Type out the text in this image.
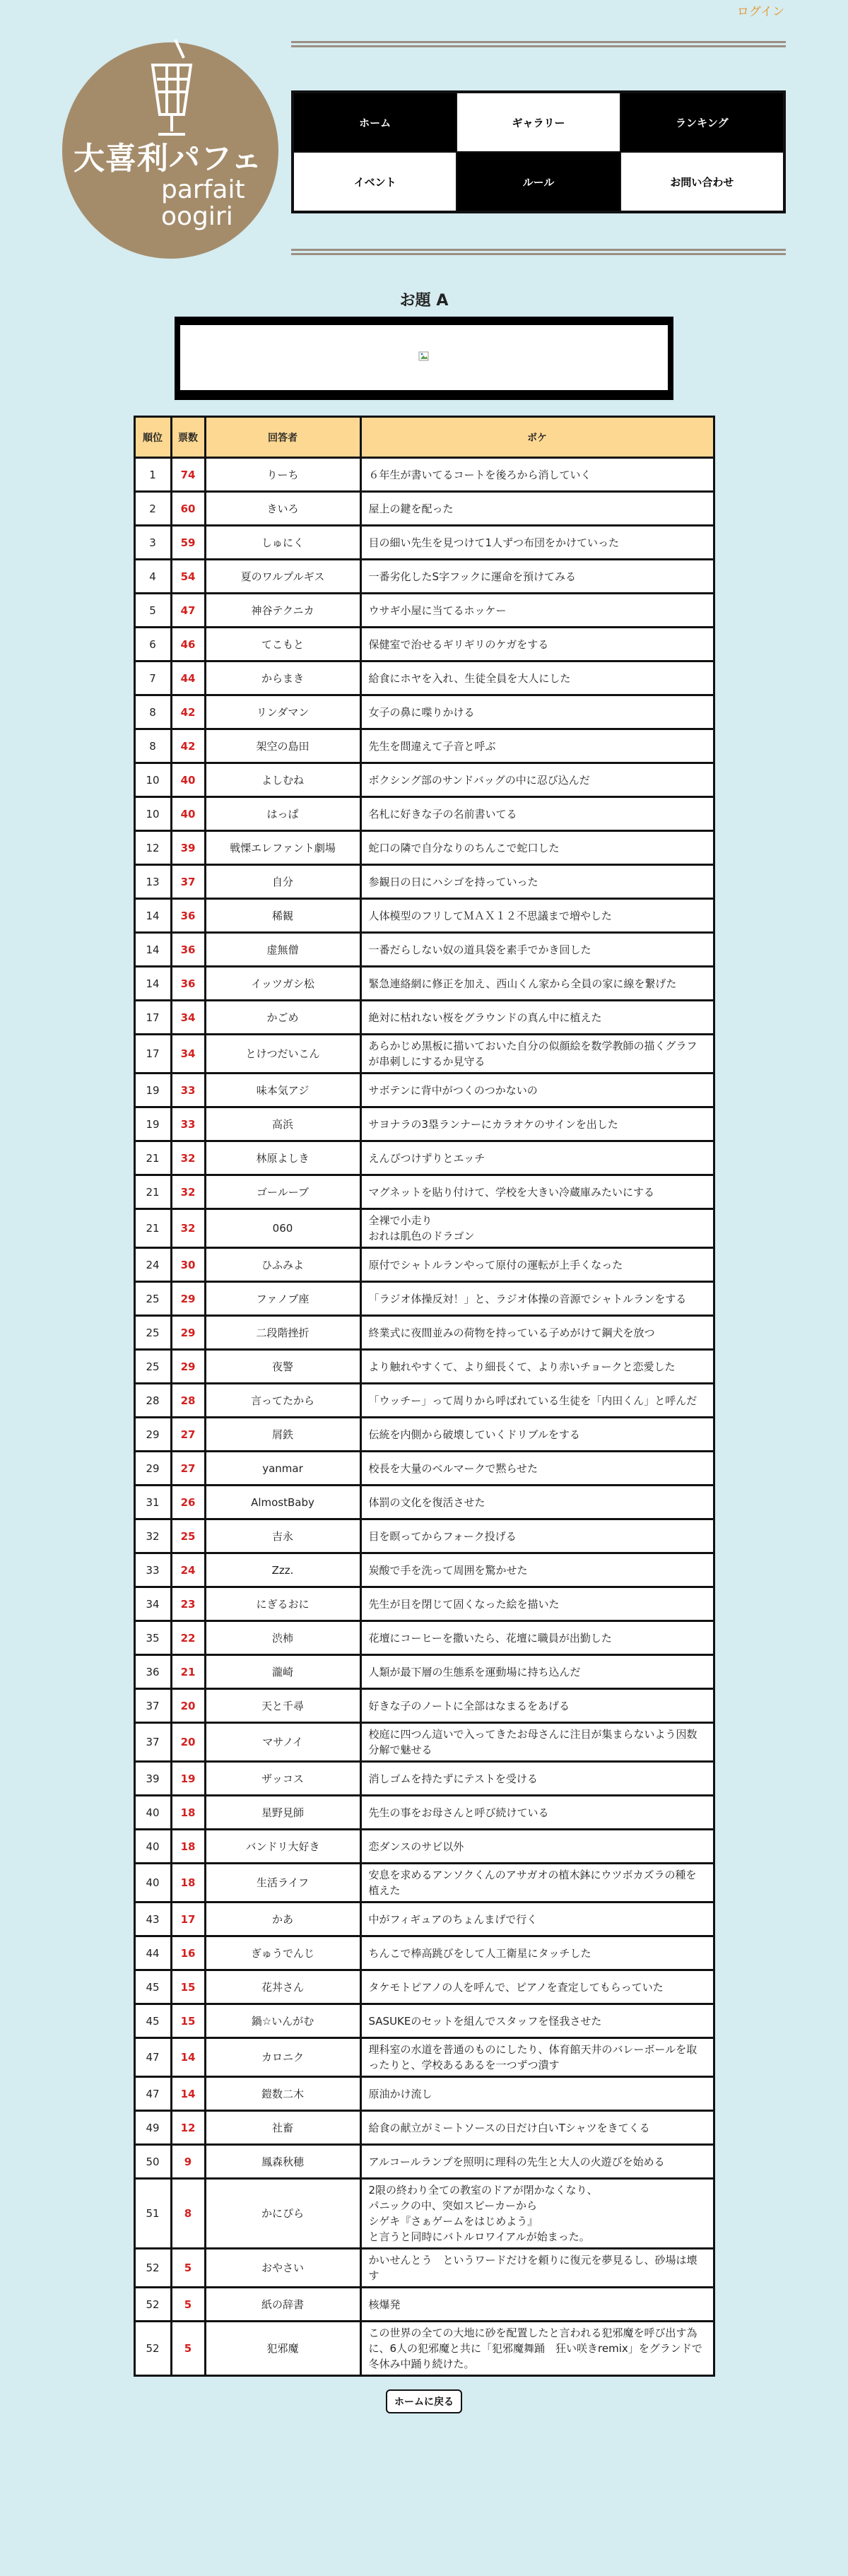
ログイン
大喜利パフェ
parfait
oogiri
ホーム	ギャラリー	ランキング
イベント	ルール	お問い合わせ
お題 A
順位	票数	回答者	ボケ
1	74	りーち	６年生が書いてるコートを後ろから消していく
2	60	きいろ	屋上の鍵を配った
3	59	しゅにく	目の細い先生を見つけて1人ずつ布団をかけていった
4	54	夏のワルプルギス	一番劣化したS字フックに運命を預けてみる
5	47	神谷テクニカ	ウサギ小屋に当てるホッケー
6	46	てこもと	保健室で治せるギリギリのケガをする
7	44	からまき	給食にホヤを入れ、生徒全員を大人にした
8	42	リンダマン	女子の鼻に喋りかける
8	42	架空の島田	先生を間違えて子音と呼ぶ
10	40	よしむね	ボクシング部のサンドバッグの中に忍び込んだ
10	40	はっぱ	名札に好きな子の名前書いてる
12	39	戦慄エレファント劇場	蛇口の隣で自分なりのちんこで蛇口した
13	37	自分	参観日の日にハシゴを持っていった
14	36	稀観	人体模型のフリしてＭＡＸ１２不思議まで増やした
14	36	虚無僧	一番だらしない奴の道具袋を素手でかき回した
14	36	イッツガシ松	緊急連絡網に修正を加え、西山くん家から全員の家に線を繋げた
17	34	かごめ	絶対に枯れない桜をグラウンドの真ん中に植えた
17	34	とけつだいこん	あらかじめ黒板に描いておいた自分の似顔絵を数学教師の描くグラフが串刺しにするか見守る
19	33	味本気アジ	サボテンに背中がつくのつかないの
19	33	高浜	サヨナラの3塁ランナーにカラオケのサインを出した
21	32	林原よしき	えんぴつけずりとエッチ
21	32	ゴールーブ	マグネットを貼り付けて、学校を大きい冷蔵庫みたいにする
21	32	060	全裸で小走り
おれは肌色のドラゴン
24	30	ひふみよ	原付でシャトルランやって原付の運転が上手くなった
25	29	ファノブ座	「ラジオ体操反対！」と、ラジオ体操の音源でシャトルランをする
25	29	二段階挫折	終業式に夜間並みの荷物を持っている子めがけて鋼犬を放つ
25	29	夜警	より触れやすくて、より細長くて、より赤いチョークと恋愛した
28	28	言ってたから	「ウッチー」って周りから呼ばれている生徒を「内田くん」と呼んだ
29	27	屑鉄	伝統を内側から破壊していくドリブルをする
29	27	yanmar	校長を大量のベルマークで黙らせた
31	26	AlmostBaby	体罰の文化を復活させた
32	25	吉永	目を瞑ってからフォーク投げる
33	24	Zzz.	炭酸で手を洗って周囲を驚かせた
34	23	にぎるおに	先生が目を閉じて固くなった絵を描いた
35	22	渋柿	花壇にコーヒーを撒いたら、花壇に職員が出勤した
36	21	瀧崎	人類が最下層の生態系を運動場に持ち込んだ
37	20	天と千尋	好きな子のノートに全部はなまるをあげる
37	20	マサノイ	校庭に四つん這いで入ってきたお母さんに注目が集まらないよう因数分解で魅せる
39	19	ザッコス	消しゴムを持たずにテストを受ける
40	18	星野見師	先生の事をお母さんと呼び続けている
40	18	バンドリ大好き	恋ダンスのサビ以外
40	18	生活ライフ	安息を求めるアンソクくんのアサガオの植木鉢にウツボカズラの種を植えた
43	17	かあ	中がフィギュアのちょんまげで行く
44	16	ぎゅうでんじ	ちんこで棒高跳びをして人工衛星にタッチした
45	15	花丼さん	タケモトピアノの人を呼んで、ピアノを査定してもらっていた
45	15	鍋☆いんがむ	SASUKEのセットを組んでスタッフを怪我させた
47	14	カロニク	理科室の水道を普通のものにしたり、体育館天井のバレーボールを取ったりと、学校あるあるを一つずつ潰す
47	14	鎧数二木	原油かけ流し
49	12	社畜	給食の献立がミートソースの日だけ白いTシャツをきてくる
50	9	鳳森秋穂	アルコールランプを照明に理科の先生と大人の火遊びを始める
51	8	かにぴら	2限の終わり全ての教室のドアが閉かなくなり、
パニックの中、突如スピーカーから
シゲキ『さぁゲームをはじめよう』
と言うと同時にバトルロワイアルが始まった。
52	5	おやさい	かいせんとう　というワードだけを頼りに復元を夢見るし、砂場は壊す
52	5	紙の辞書	核爆発
52	5	犯邪魔	この世界の全ての大地に砂を配置したと言われる犯邪魔を呼び出す為に、6人の犯邪魔と共に「犯邪魔舞踊　狂い咲きremix」をグランドで冬休み中踊り続けた。
ホームに戻る
